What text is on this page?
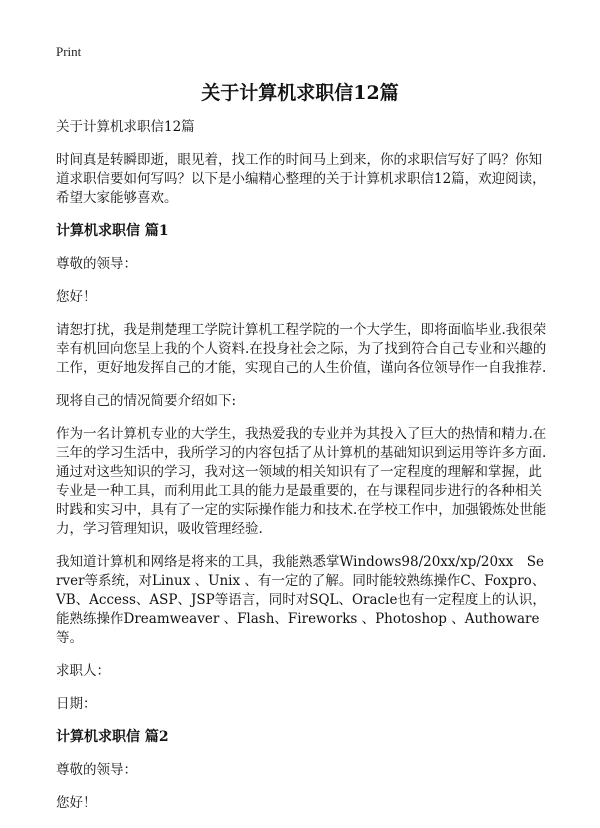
Print
关于计算机求职信12篇

关于计算机求职信12篇

时间真是转瞬即逝，眼见着，找工作的时间马上到来，你的求职信写好了吗？你知道求职信要如何写吗？以下是小编精心整理的关于计算机求职信12篇，欢迎阅读，希望大家能够喜欢。

计算机求职信 篇1

尊敬的领导：

您好！

请恕打扰，我是荆楚理工学院计算机工程学院的一个大学生，即将面临毕业.我很荣幸有机回向您呈上我的个人资料.在投身社会之际，为了找到符合自己专业和兴趣的工作，更好地发挥自己的才能，实现自己的人生价值，谨向各位领导作一自我推荐.

现将自己的情况简要介绍如下:

作为一名计算机专业的大学生，我热爱我的专业并为其投入了巨大的热情和精力.在三年的学习生活中，我所学习的内容包括了从计算机的基础知识到运用等许多方面.通过对这些知识的学习，我对这一领域的相关知识有了一定程度的理解和掌握，此专业是一种工具，而利用此工具的能力是最重要的，在与课程同步进行的各种相关时践和实习中，具有了一定的实际操作能力和技术.在学校工作中，加强锻炼处世能力，学习管理知识，吸收管理经验.

我知道计算机和网络是将来的工具，我能熟悉掌Windows98/20xx/xp/20xx　Server等系统，对Linux 、Unix 、有一定的了解。同时能较熟练操作C、Foxpro、VB、Access、ASP、JSP等语言，同时对SQL、Oracle也有一定程度上的认识，能熟练操作Dreamweaver 、Flash、Fireworks 、Photoshop 、Authoware 等。

求职人：

日期：

计算机求职信 篇2

尊敬的领导：

您好！
